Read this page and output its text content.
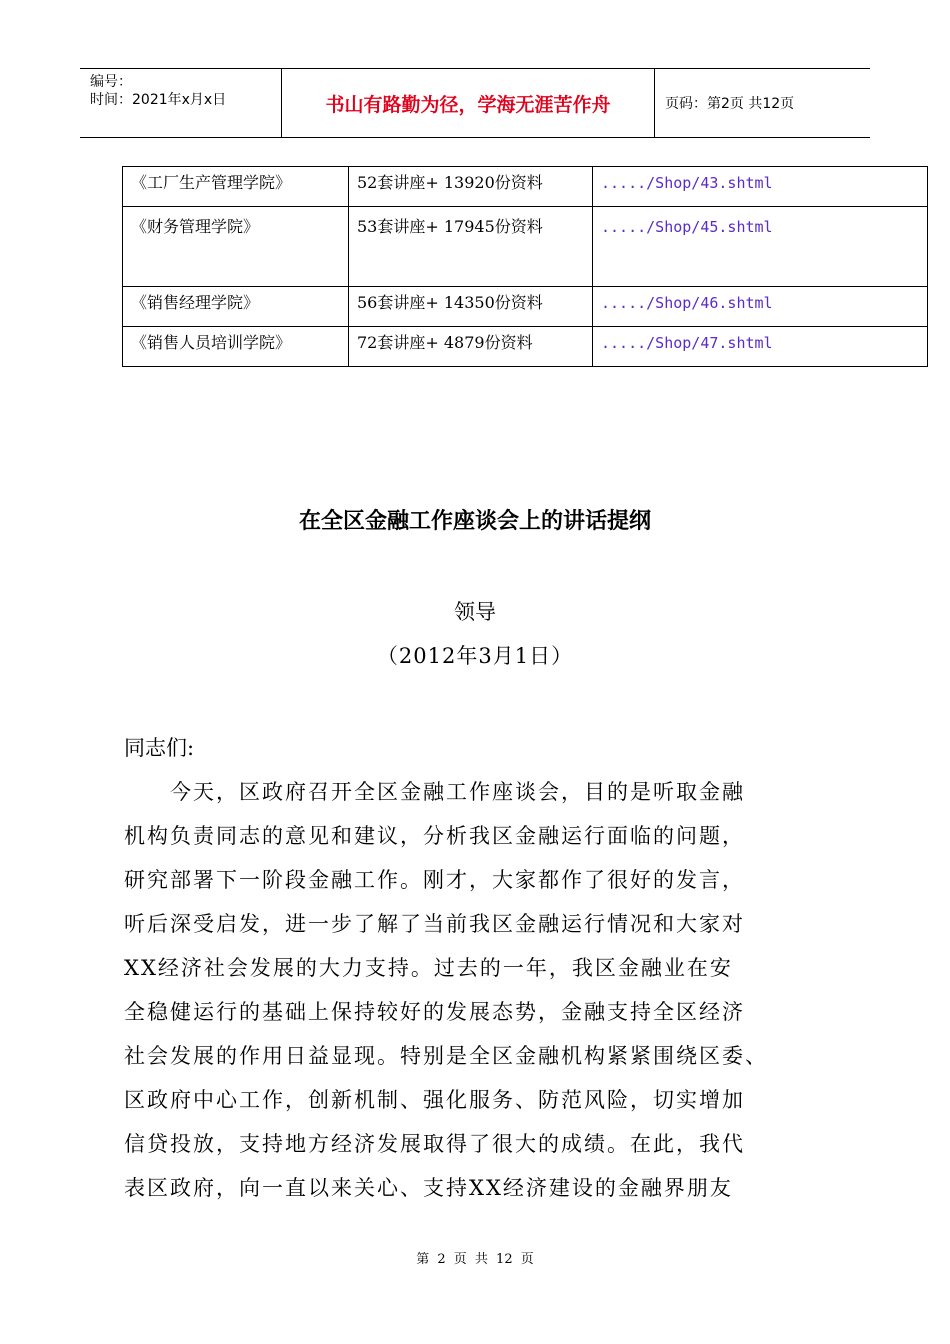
编号：
时间：2021年x月x日	书山有路勤为径，学海无涯苦作舟	页码：第2页 共12页
《工厂生产管理学院》	52套讲座+ 13920份资料	...../Shop/43.shtml
《财务管理学院》	53套讲座+ 17945份资料	...../Shop/45.shtml
《销售经理学院》	56套讲座+ 14350份资料	...../Shop/46.shtml
《销售人员培训学院》	72套讲座+ 4879份资料	...../Shop/47.shtml
在全区金融工作座谈会上的讲话提纲
领导
（2012年3月1日）
同志们:
　　今天，区政府召开全区金融工作座谈会，目的是听取金融
机构负责同志的意见和建议，分析我区金融运行面临的问题，
研究部署下一阶段金融工作。刚才，大家都作了很好的发言，
听后深受启发，进一步了解了当前我区金融运行情况和大家对
XX经济社会发展的大力支持。过去的一年，我区金融业在安
全稳健运行的基础上保持较好的发展态势，金融支持全区经济
社会发展的作用日益显现。特别是全区金融机构紧紧围绕区委、
区政府中心工作，创新机制、强化服务、防范风险，切实增加
信贷投放，支持地方经济发展取得了很大的成绩。在此，我代
表区政府，向一直以来关心、支持XX经济建设的金融界朋友
第 2 页 共 12 页
